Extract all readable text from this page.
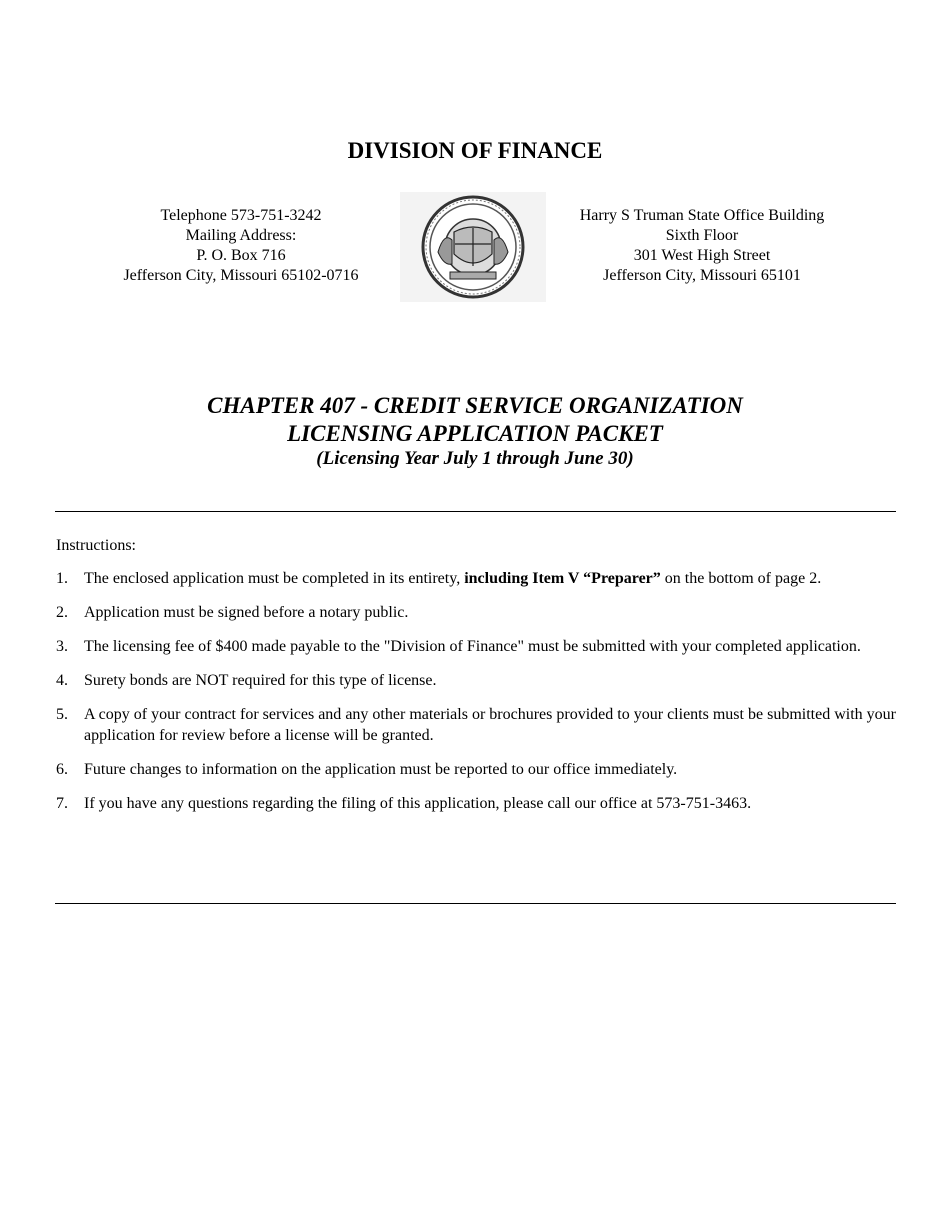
DIVISION OF FINANCE
Telephone 573-751-3242
Mailing Address:
P. O. Box 716
Jefferson City, Missouri 65102-0716
Harry S Truman State Office Building
Sixth Floor
301 West High Street
Jefferson City, Missouri 65101
CHAPTER 407 - CREDIT SERVICE ORGANIZATION
LICENSING APPLICATION PACKET
(Licensing Year July 1 through June 30)
Instructions:
1.	The enclosed application must be completed in its entirety, including Item V “Preparer” on the bottom of page 2.
2.	Application must be signed before a notary public.
3.	The licensing fee of $400 made payable to the "Division of Finance" must be submitted with your completed application.
4.	Surety bonds are NOT required for this type of license.
5.	A copy of your contract for services and any other materials or brochures provided to your clients must be submitted with your application for review before a license will be granted.
6.	Future changes to information on the application must be reported to our office immediately.
7.	If you have any questions regarding the filing of this application, please call our office at 573-751-3463.
